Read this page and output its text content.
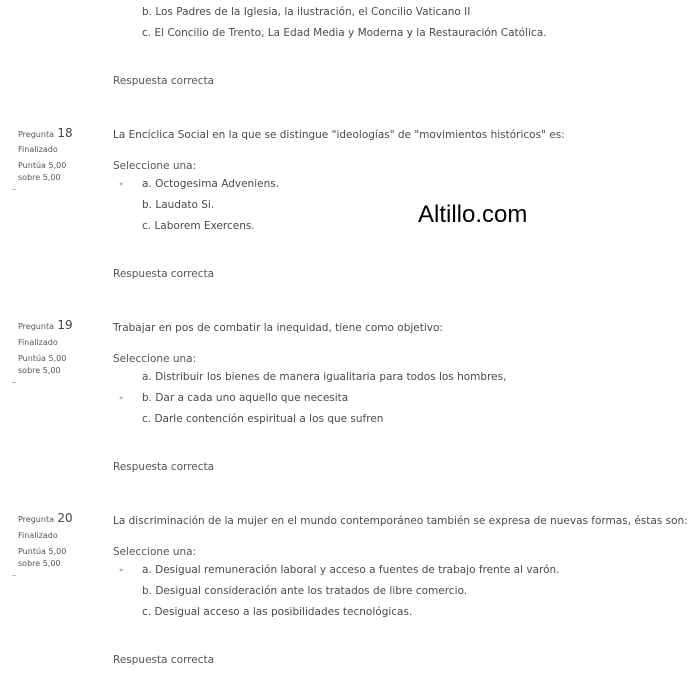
b. Los Padres de la Iglesia, la ilustración, el Concilio Vaticano II
c. El Concilio de Trento, La Edad Media y Moderna y la Restauración Católica.
Respuesta correcta
Pregunta 18
Finalizado
Puntúa 5,00
sobre 5,00
La Encíclica Social en la que se distingue "ideologías" de "movimientos históricos" es:
Seleccione una:
» a. Octogesima Adveniens.
b. Laudato Si.
c. Laborem Exercens.
Respuesta correcta
Altillo.com
Pregunta 19
Finalizado
Puntúa 5,00
sobre 5,00
Trabajar en pos de combatir la inequidad, tiene como objetivo:
Seleccione una:
· a. Distribuir los bienes de manera igualitaria para todos los hombres,
» b. Dar a cada uno aquello que necesita
· c. Darle contención espiritual a los que sufren
Respuesta correcta
Pregunta 20
Finalizado
Puntúa 5,00
sobre 5,00
La discriminación de la mujer en el mundo contemporáneo también se expresa de nuevas formas, éstas son:
Seleccione una:
» a. Desigual remuneración laboral y acceso a fuentes de trabajo frente al varón.
b. Desigual consideración ante los tratados de libre comercio.
· c. Desigual acceso a las posibilidades tecnológicas.
Respuesta correcta
